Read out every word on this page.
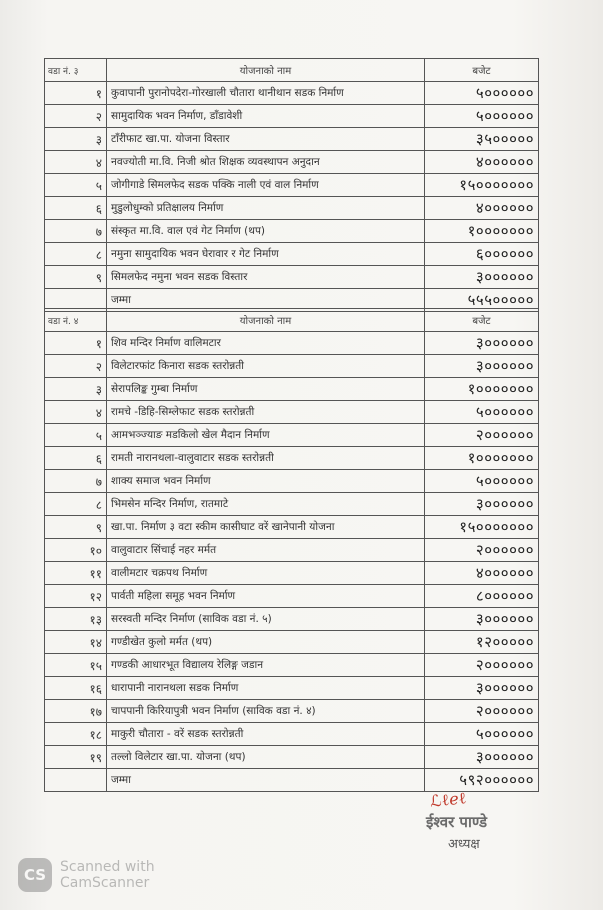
वडा नं. ३	योजनाको नाम	बजेट
१	कुवापानी पुरानोपदेरा-गोरखाली चौतारा थानीथान सडक निर्माण	५००००००
२	सामुदायिक भवन निर्माण, डाँडावेशी	५००००००
३	टाँरीफाट खा.पा. योजना विस्तार	३५०००००
४	नवज्योती मा.वि. निजी श्रोत शिक्षक व्यवस्थापन अनुदान	४००००००
५	जोगीगाडे सिमलफेद सडक पक्कि नाली एवं वाल निर्माण	१५०००००००
६	मुडुलोधुम्को प्रतिक्षालय निर्माण	४००००००
७	संस्कृत मा.वि. वाल एवं गेट निर्माण (थप)	१०००००००
८	नमुना सामुदायिक भवन घेरावार र गेट निर्माण	६००००००
९	सिमलफेद नमुना भवन सडक विस्तार	३००००००
	जम्मा	५५५०००००
वडा नं. ४	योजनाको नाम	बजेट
१	शिव मन्दिर निर्माण वालिमटार	३००००००
२	विलेटारफांट किनारा सडक स्तरोन्नती	३००००००
३	सेरापलिङ्क गुम्बा निर्माण	१०००००००
४	रामचे -डिहि-सिम्लेफाट सडक स्तरोन्नती	५००००००
५	आमभञ्ज्याङ मडकिलो खेल मैदान निर्माण	२००००००
६	रामती नारानथला-वालुवाटार सडक स्तरोन्नती	१०००००००
७	शाक्य समाज भवन निर्माण	५००००००
८	भिमसेन मन्दिर निर्माण, रातमाटे	३००००००
९	खा.पा. निर्माण ३ वटा स्कीम कासीघाट वरें खानेपानी योजना	१५०००००००
१०	वालुवाटार सिंचाई नहर मर्मत	२००००००
११	वालीमटार चक्रपथ निर्माण	४००००००
१२	पार्वती महिला समूह भवन निर्माण	८००००००
१३	सरस्वती मन्दिर निर्माण (साविक वडा नं. ५)	३००००००
१४	गण्डीखेत कुलो मर्मत (थप)	१२०००००
१५	गण्डकी आधारभूत विद्यालय रेलिङ्ग जडान	२००००००
१६	धारापानी नारानथला सडक निर्माण	३००००००
१७	चापपानी किरियापुत्री भवन निर्माण (साविक वडा नं. ४)	२००००००
१८	माकुरी चौतारा - वरें सडक स्तरोन्नती	५००००००
१९	तल्लो विलेटार खा.पा. योजना (थप)	३००००००
	जम्मा	५९२००००००
ℒℓℯℓ
ईश्वर पाण्डे
अध्यक्ष
CS Scanned with
CamScanner
